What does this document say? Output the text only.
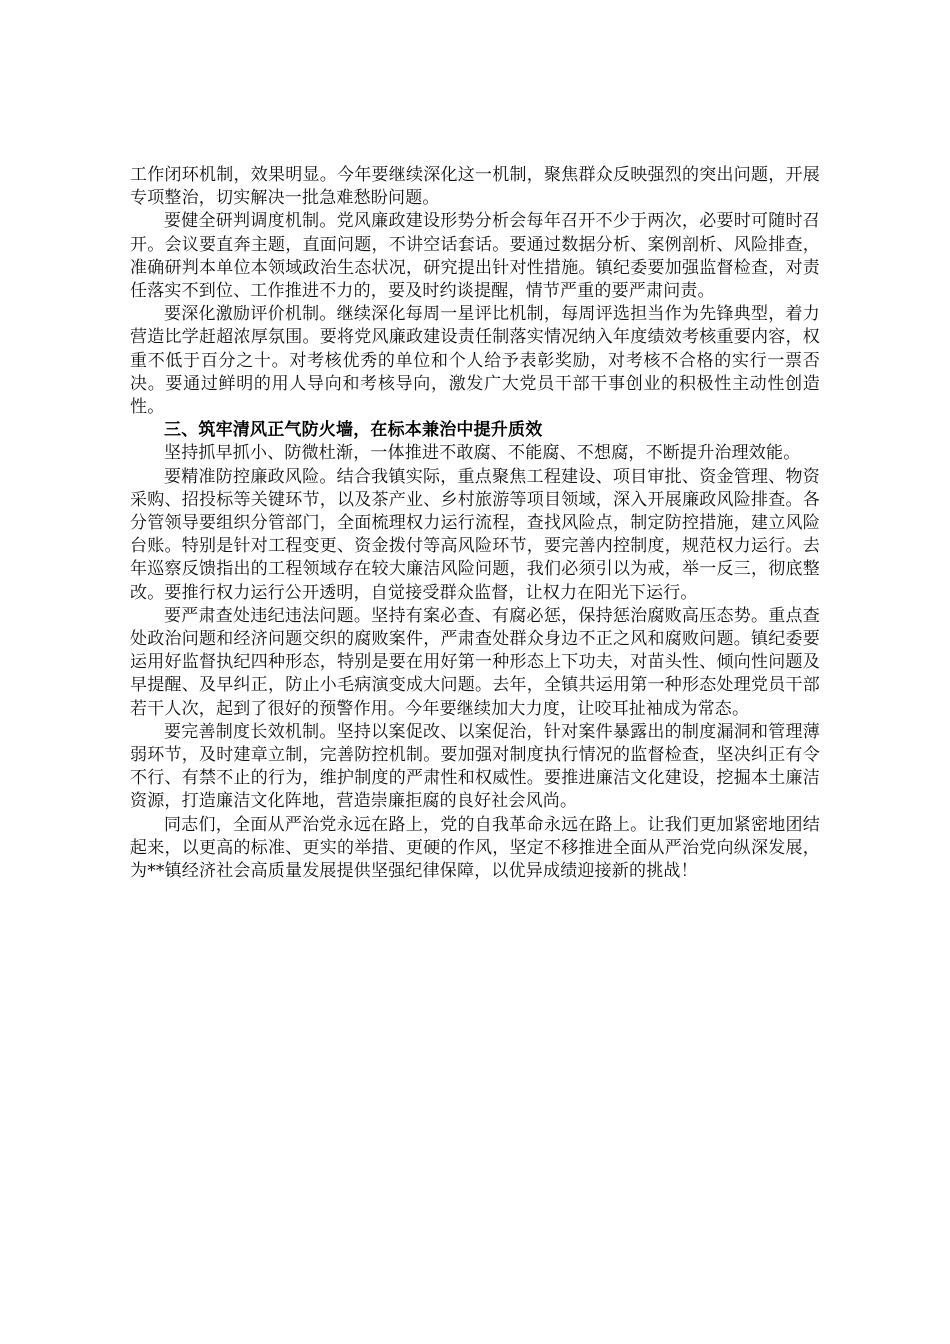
工作闭环机制，效果明显。今年要继续深化这一机制，聚焦群众反映强烈的突出问题，开展专项整治，切实解决一批急难愁盼问题。

要健全研判调度机制。党风廉政建设形势分析会每年召开不少于两次，必要时可随时召开。会议要直奔主题，直面问题，不讲空话套话。要通过数据分析、案例剖析、风险排查，准确研判本单位本领域政治生态状况，研究提出针对性措施。镇纪委要加强监督检查，对责任落实不到位、工作推进不力的，要及时约谈提醒，情节严重的要严肃问责。

要深化激励评价机制。继续深化每周一星评比机制，每周评选担当作为先锋典型，着力营造比学赶超浓厚氛围。要将党风廉政建设责任制落实情况纳入年度绩效考核重要内容，权重不低于百分之十。对考核优秀的单位和个人给予表彰奖励，对考核不合格的实行一票否决。要通过鲜明的用人导向和考核导向，激发广大党员干部干事创业的积极性主动性创造性。

三、筑牢清风正气防火墙，在标本兼治中提升质效

坚持抓早抓小、防微杜渐，一体推进不敢腐、不能腐、不想腐，不断提升治理效能。

要精准防控廉政风险。结合我镇实际，重点聚焦工程建设、项目审批、资金管理、物资采购、招投标等关键环节，以及茶产业、乡村旅游等项目领域，深入开展廉政风险排查。各分管领导要组织分管部门，全面梳理权力运行流程，查找风险点，制定防控措施，建立风险台账。特别是针对工程变更、资金拨付等高风险环节，要完善内控制度，规范权力运行。去年巡察反馈指出的工程领域存在较大廉洁风险问题，我们必须引以为戒，举一反三，彻底整改。要推行权力运行公开透明，自觉接受群众监督，让权力在阳光下运行。

要严肃查处违纪违法问题。坚持有案必查、有腐必惩，保持惩治腐败高压态势。重点查处政治问题和经济问题交织的腐败案件，严肃查处群众身边不正之风和腐败问题。镇纪委要运用好监督执纪四种形态，特别是要在用好第一种形态上下功夫，对苗头性、倾向性问题及早提醒、及早纠正，防止小毛病演变成大问题。去年，全镇共运用第一种形态处理党员干部若干人次，起到了很好的预警作用。今年要继续加大力度，让咬耳扯袖成为常态。

要完善制度长效机制。坚持以案促改、以案促治，针对案件暴露出的制度漏洞和管理薄弱环节，及时建章立制，完善防控机制。要加强对制度执行情况的监督检查，坚决纠正有令不行、有禁不止的行为，维护制度的严肃性和权威性。要推进廉洁文化建设，挖掘本土廉洁资源，打造廉洁文化阵地，营造崇廉拒腐的良好社会风尚。

同志们，全面从严治党永远在路上，党的自我革命永远在路上。让我们更加紧密地团结起来，以更高的标准、更实的举措、更硬的作风，坚定不移推进全面从严治党向纵深发展，为**镇经济社会高质量发展提供坚强纪律保障，以优异成绩迎接新的挑战！
